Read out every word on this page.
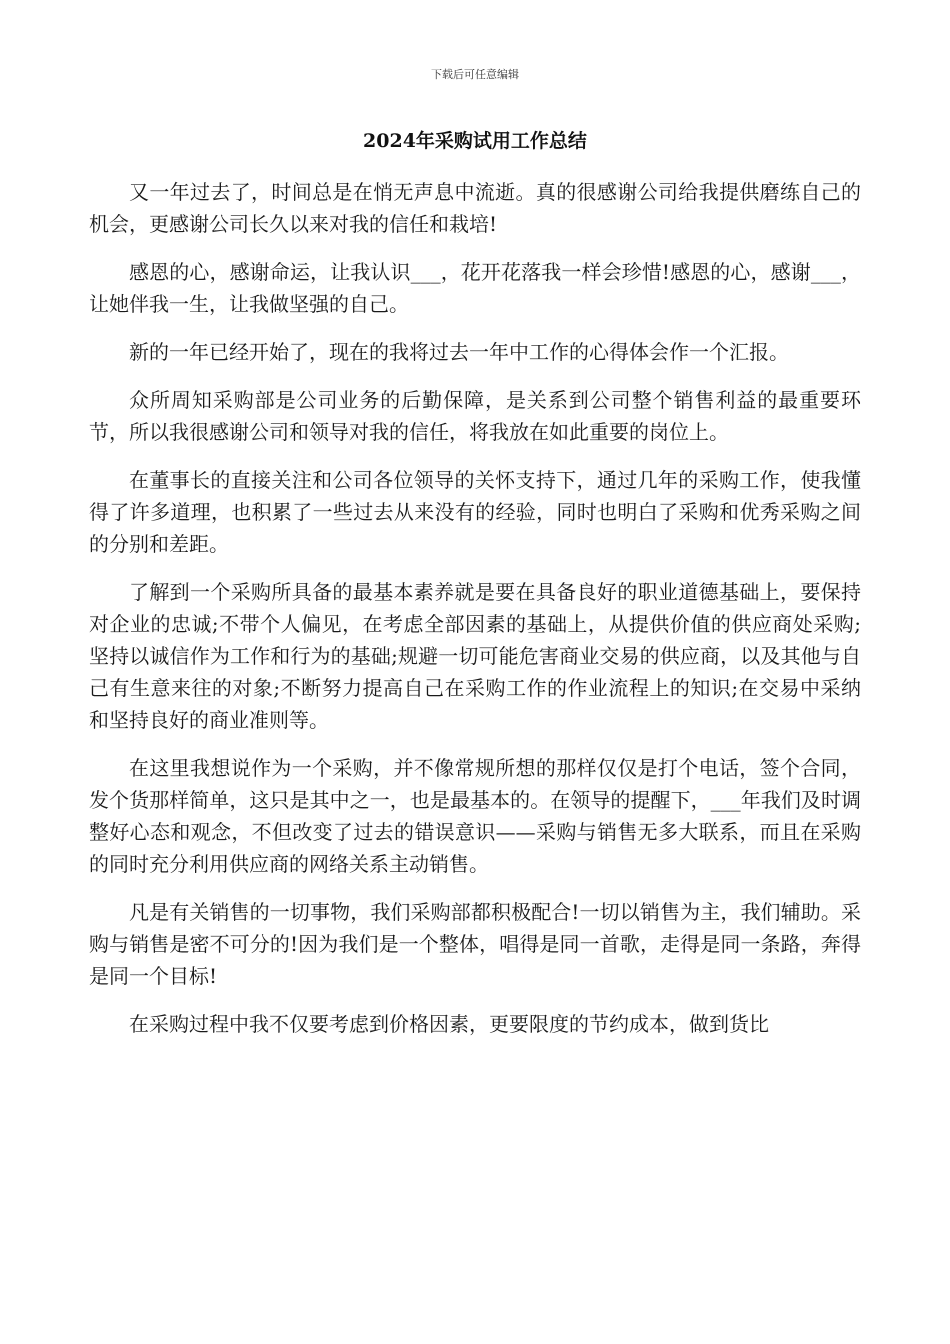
下载后可任意编辑
2024年采购试用工作总结

又一年过去了，时间总是在悄无声息中流逝。真的很感谢公司给我提供磨练自己的机会，更感谢公司长久以来对我的信任和栽培!

感恩的心，感谢命运，让我认识___，花开花落我一样会珍惜!感恩的心，感谢___，让她伴我一生，让我做坚强的自己。

新的一年已经开始了，现在的我将过去一年中工作的心得体会作一个汇报。

众所周知采购部是公司业务的后勤保障，是关系到公司整个销售利益的最重要环节，所以我很感谢公司和领导对我的信任，将我放在如此重要的岗位上。

在董事长的直接关注和公司各位领导的关怀支持下，通过几年的采购工作，使我懂得了许多道理，也积累了一些过去从来没有的经验，同时也明白了采购和优秀采购之间的分别和差距。

了解到一个采购所具备的最基本素养就是要在具备良好的职业道德基础上，要保持对企业的忠诚;不带个人偏见，在考虑全部因素的基础上，从提供价值的供应商处采购;坚持以诚信作为工作和行为的基础;规避一切可能危害商业交易的供应商，以及其他与自己有生意来往的对象;不断努力提高自己在采购工作的作业流程上的知识;在交易中采纳和坚持良好的商业准则等。

在这里我想说作为一个采购，并不像常规所想的那样仅仅是打个电话，签个合同，发个货那样简单，这只是其中之一，也是最基本的。在领导的提醒下，___年我们及时调整好心态和观念，不但改变了过去的错误意识——采购与销售无多大联系，而且在采购的同时充分利用供应商的网络关系主动销售。

凡是有关销售的一切事物，我们采购部都积极配合!一切以销售为主，我们辅助。采购与销售是密不可分的!因为我们是一个整体，唱得是同一首歌，走得是同一条路，奔得是同一个目标!

在采购过程中我不仅要考虑到价格因素，更要限度的节约成本，做到货比
